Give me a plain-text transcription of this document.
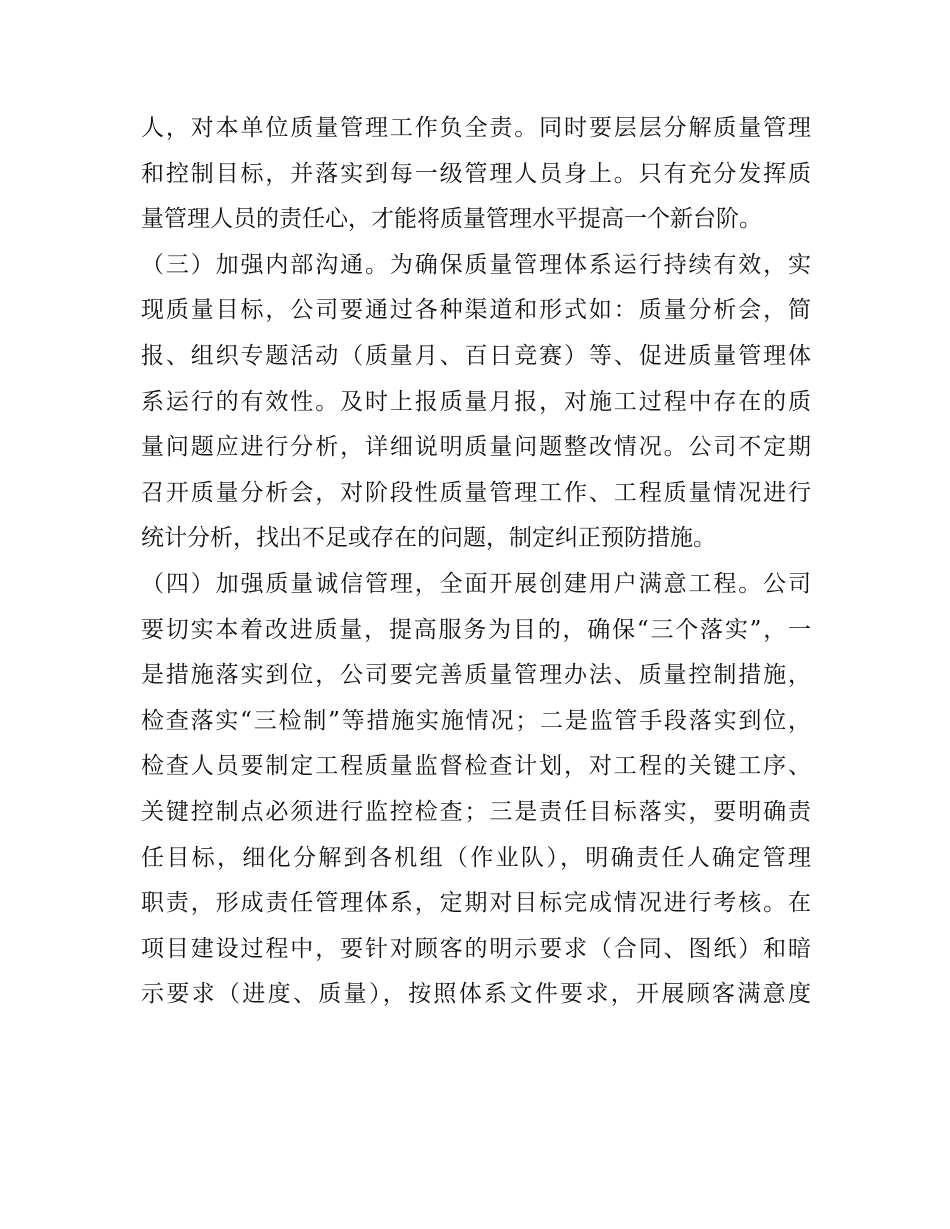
人，对本单位质量管理工作负全责。同时要层层分解质量管理
和控制目标，并落实到每一级管理人员身上。只有充分发挥质
量管理人员的责任心，才能将质量管理水平提高一个新台阶。
（三）加强内部沟通。为确保质量管理体系运行持续有效，实
现质量目标，公司要通过各种渠道和形式如：质量分析会，简
报、组织专题活动（质量月、百日竞赛）等、促进质量管理体
系运行的有效性。及时上报质量月报，对施工过程中存在的质
量问题应进行分析，详细说明质量问题整改情况。公司不定期
召开质量分析会，对阶段性质量管理工作、工程质量情况进行
统计分析，找出不足或存在的问题，制定纠正预防措施。
（四）加强质量诚信管理，全面开展创建用户满意工程。公司
要切实本着改进质量，提高服务为目的，确保“三个落实”，一
是措施落实到位，公司要完善质量管理办法、质量控制措施，
检查落实“三检制”等措施实施情况；二是监管手段落实到位，
检查人员要制定工程质量监督检查计划，对工程的关键工序、
关键控制点必须进行监控检查；三是责任目标落实，要明确责
任目标，细化分解到各机组（作业队），明确责任人确定管理
职责，形成责任管理体系，定期对目标完成情况进行考核。在
项目建设过程中，要针对顾客的明示要求（合同、图纸）和暗
示要求（进度、质量），按照体系文件要求，开展顾客满意度
